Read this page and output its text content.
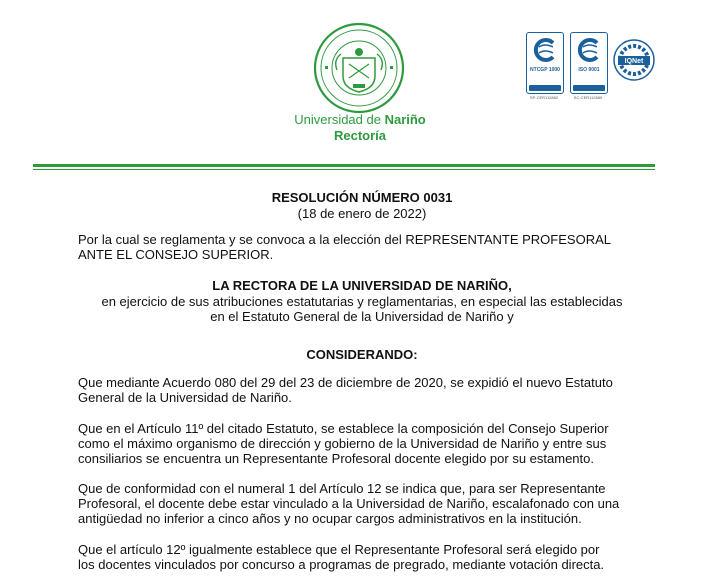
Universidad de Nariño
Rectoría
NTCGP 1000
SP-CER112882
ISO 9001
SC-CER112880
IQNet
RESOLUCIÓN NÚMERO 0031
(18 de enero de 2022)
Por la cual se reglamenta y se convoca a la elección del REPRESENTANTE PROFESORAL
ANTE EL CONSEJO SUPERIOR.
LA RECTORA DE LA UNIVERSIDAD DE NARIÑO,
en ejercicio de sus atribuciones estatutarias y reglamentarias, en especial las establecidas
en el Estatuto General de la Universidad de Nariño y
CONSIDERANDO:
Que mediante Acuerdo 080 del 29 del 23 de diciembre de 2020, se expidió el nuevo Estatuto
General de la Universidad de Nariño.
Que en el Artículo 11º del citado Estatuto, se establece la composición del Consejo Superior
como el máximo organismo de dirección y gobierno de la Universidad de Nariño y entre sus
consiliarios se encuentra un Representante Profesoral docente elegido por su estamento.
Que de conformidad con el numeral 1 del Artículo 12 se indica que, para ser Representante
Profesoral, el docente debe estar vinculado a la Universidad de Nariño, escalafonado con una
antigüedad no inferior a cinco años y no ocupar cargos administrativos en la institución.
Que el artículo 12º igualmente establece que el Representante Profesoral será elegido por
los docentes vinculados por concurso a programas de pregrado, mediante votación directa.
